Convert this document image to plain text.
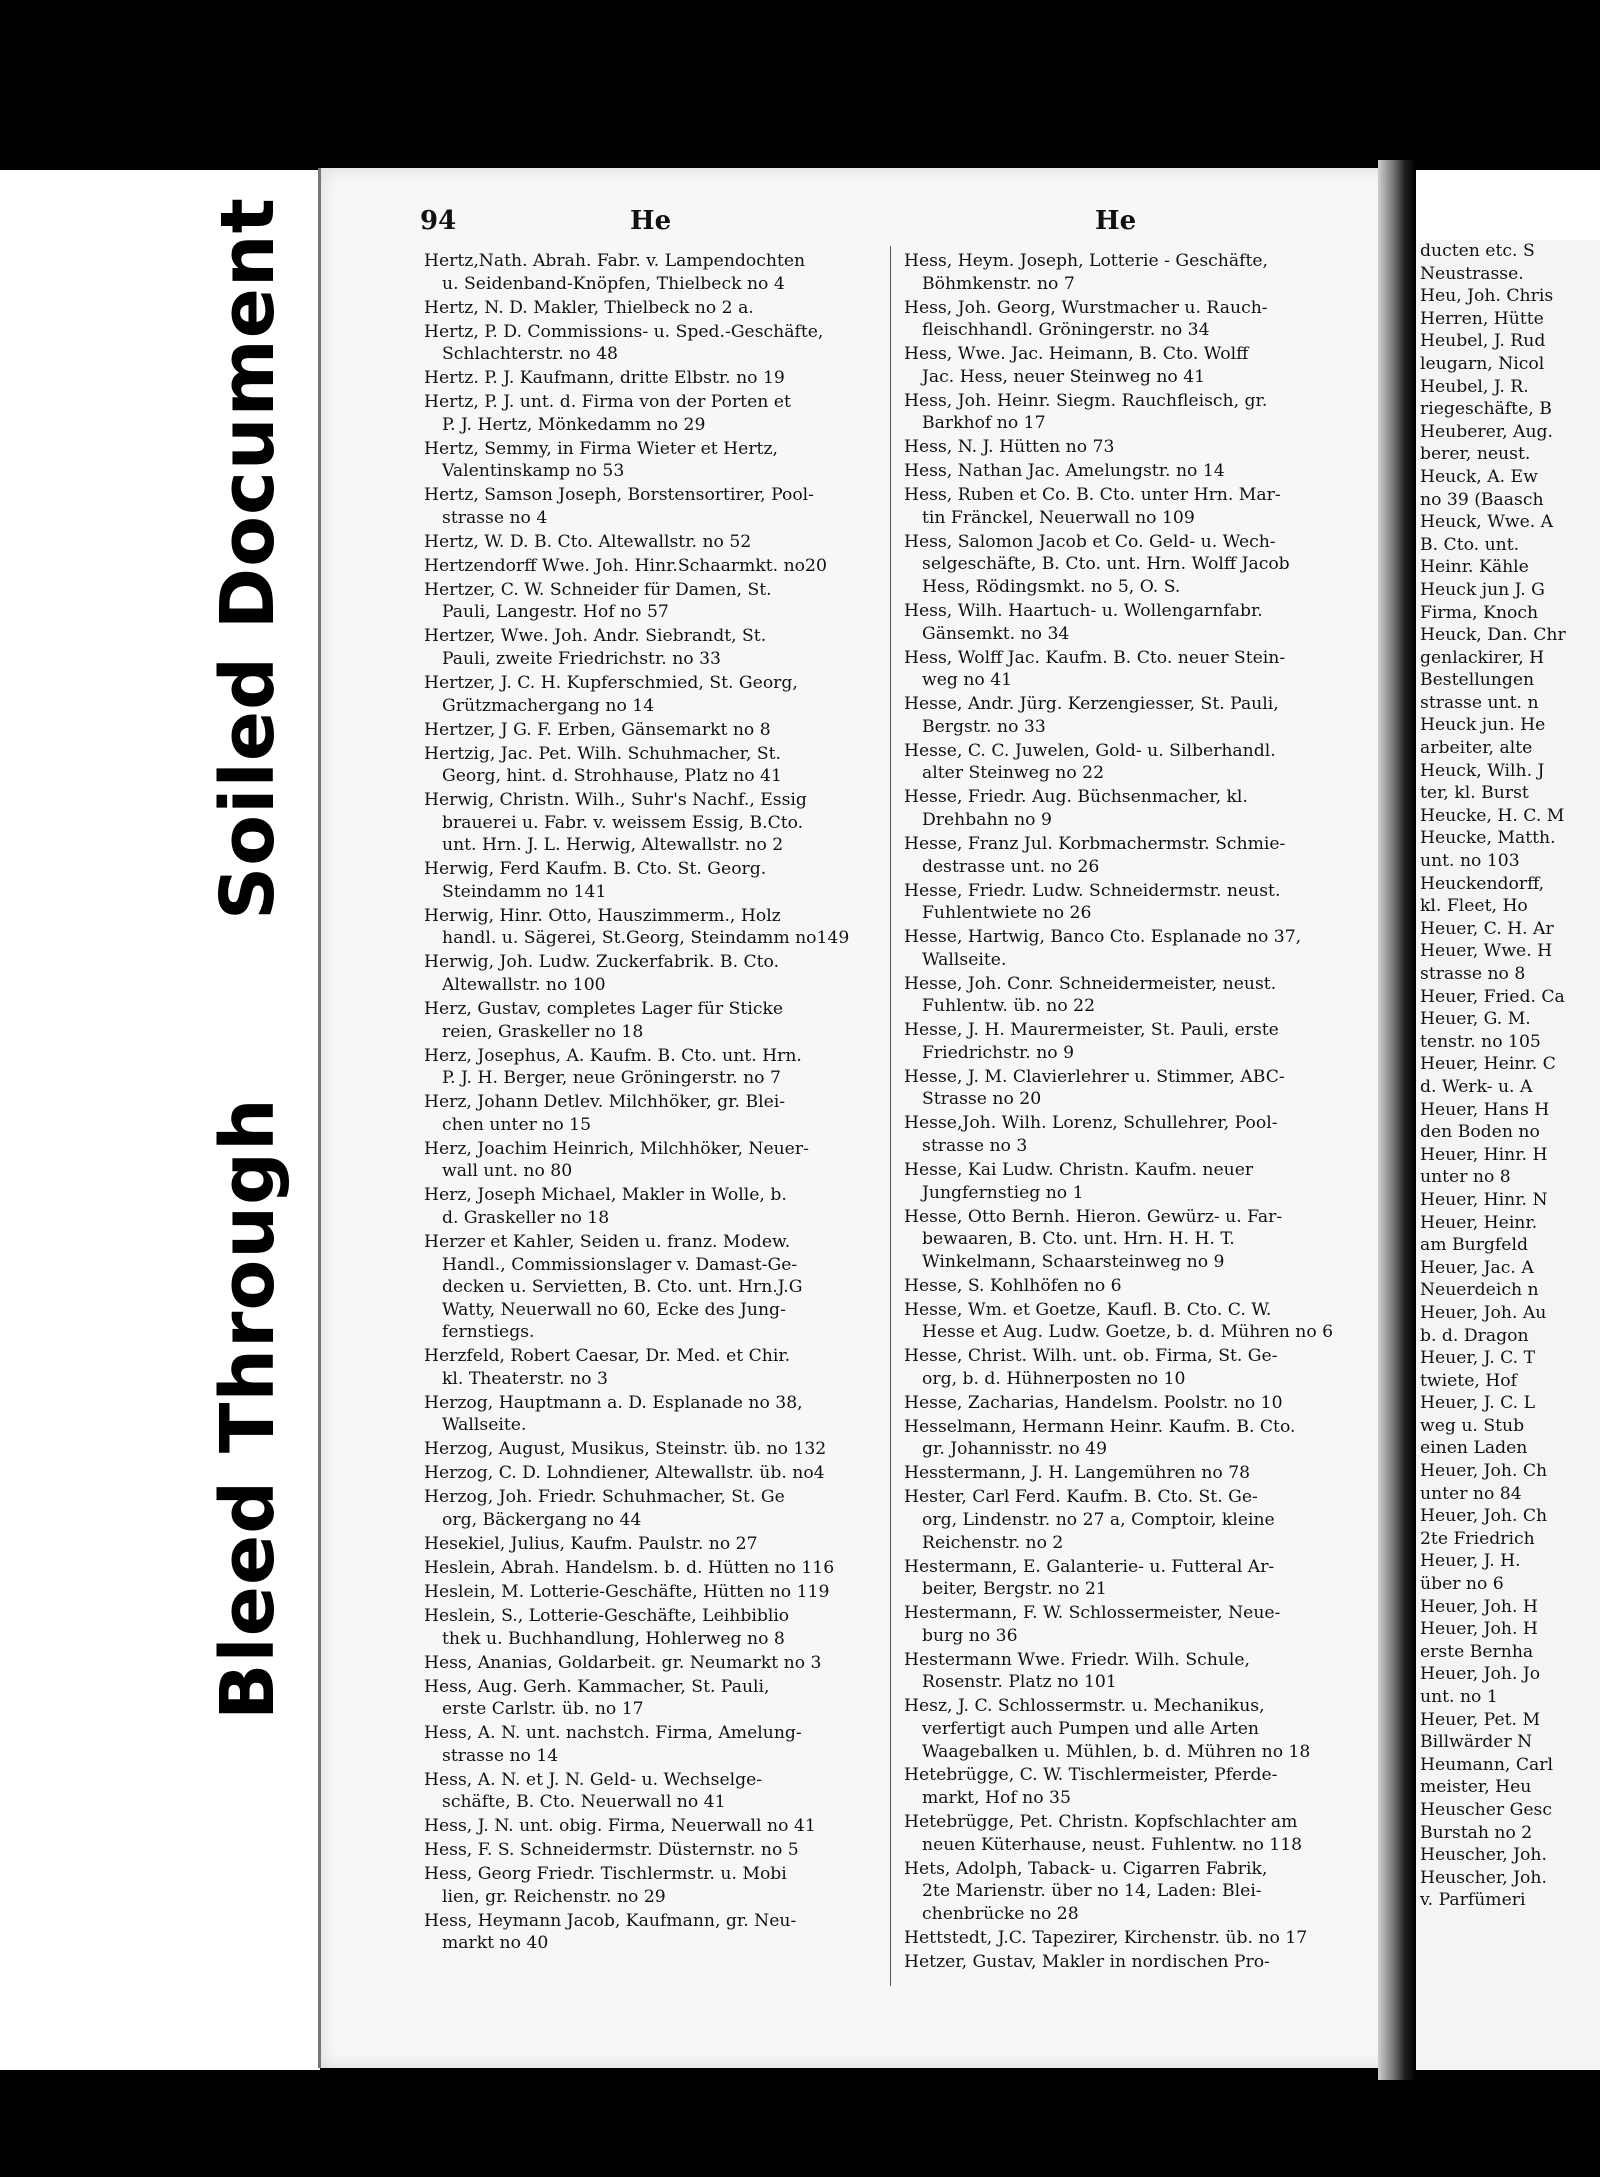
Soiled Document
Bleed Through
94	He	He
Hertz,Nath. Abrah. Fabr. v. Lampendochten
u. Seidenband-Knöpfen, Thielbeck no 4
Hertz, N. D. Makler, Thielbeck no 2 a.
Hertz, P. D. Commissions- u. Sped.-Geschäfte,
Schlachterstr. no 48
Hertz. P. J. Kaufmann, dritte Elbstr. no 19
Hertz, P. J. unt. d. Firma von der Porten et
P. J. Hertz, Mönkedamm no 29
Hertz, Semmy, in Firma Wieter et Hertz,
Valentinskamp no 53
Hertz, Samson Joseph, Borstensortirer, Pool-
strasse no 4
Hertz, W. D. B. Cto. Altewallstr. no 52
Hertzendorff Wwe. Joh. Hinr.Schaarmkt. no20
Hertzer, C. W. Schneider für Damen, St.
Pauli, Langestr. Hof no 57
Hertzer, Wwe. Joh. Andr. Siebrandt, St.
Pauli, zweite Friedrichstr. no 33
Hertzer, J. C. H. Kupferschmied, St. Georg,
Grützmachergang no 14
Hertzer, J G. F. Erben, Gänsemarkt no 8
Hertzig, Jac. Pet. Wilh. Schuhmacher, St.
Georg, hint. d. Strohhause, Platz no 41
Herwig, Christn. Wilh., Suhr's Nachf., Essig
brauerei u. Fabr. v. weissem Essig, B.Cto.
unt. Hrn. J. L. Herwig, Altewallstr. no 2
Herwig, Ferd Kaufm. B. Cto. St. Georg.
Steindamm no 141
Herwig, Hinr. Otto, Hauszimmerm., Holz
handl. u. Sägerei, St.Georg, Steindamm no149
Herwig, Joh. Ludw. Zuckerfabrik. B. Cto.
Altewallstr. no 100
Herz, Gustav, completes Lager für Sticke
reien, Graskeller no 18
Herz, Josephus, A. Kaufm. B. Cto. unt. Hrn.
P. J. H. Berger, neue Gröningerstr. no 7
Herz, Johann Detlev. Milchhöker, gr. Blei-
chen unter no 15
Herz, Joachim Heinrich, Milchhöker, Neuer-
wall unt. no 80
Herz, Joseph Michael, Makler in Wolle, b.
d. Graskeller no 18
Herzer et Kahler, Seiden u. franz. Modew.
Handl., Commissionslager v. Damast-Ge-
decken u. Servietten, B. Cto. unt. Hrn.J.G
Watty, Neuerwall no 60, Ecke des Jung-
fernstiegs.
Herzfeld, Robert Caesar, Dr. Med. et Chir.
kl. Theaterstr. no 3
Herzog, Hauptmann a. D. Esplanade no 38,
Wallseite.
Herzog, August, Musikus, Steinstr. üb. no 132
Herzog, C. D. Lohndiener, Altewallstr. üb. no4
Herzog, Joh. Friedr. Schuhmacher, St. Ge
org, Bäckergang no 44
Hesekiel, Julius, Kaufm. Paulstr. no 27
Heslein, Abrah. Handelsm. b. d. Hütten no 116
Heslein, M. Lotterie-Geschäfte, Hütten no 119
Heslein, S., Lotterie-Geschäfte, Leihbiblio
thek u. Buchhandlung, Hohlerweg no 8
Hess, Ananias, Goldarbeit. gr. Neumarkt no 3
Hess, Aug. Gerh. Kammacher, St. Pauli,
erste Carlstr. üb. no 17
Hess, A. N. unt. nachstch. Firma, Amelung-
strasse no 14
Hess, A. N. et J. N. Geld- u. Wechselge-
schäfte, B. Cto. Neuerwall no 41
Hess, J. N. unt. obig. Firma, Neuerwall no 41
Hess, F. S. Schneidermstr. Düsternstr. no 5
Hess, Georg Friedr. Tischlermstr. u. Mobi
lien, gr. Reichenstr. no 29
Hess, Heymann Jacob, Kaufmann, gr. Neu-
markt no 40
Hess, Heym. Joseph, Lotterie - Geschäfte,
Böhmkenstr. no 7
Hess, Joh. Georg, Wurstmacher u. Rauch-
fleischhandl. Gröningerstr. no 34
Hess, Wwe. Jac. Heimann, B. Cto. Wolff
Jac. Hess, neuer Steinweg no 41
Hess, Joh. Heinr. Siegm. Rauchfleisch, gr.
Barkhof no 17
Hess, N. J. Hütten no 73
Hess, Nathan Jac. Amelungstr. no 14
Hess, Ruben et Co. B. Cto. unter Hrn. Mar-
tin Fränckel, Neuerwall no 109
Hess, Salomon Jacob et Co. Geld- u. Wech-
selgeschäfte, B. Cto. unt. Hrn. Wolff Jacob
Hess, Rödingsmkt. no 5, O. S.
Hess, Wilh. Haartuch- u. Wollengarnfabr.
Gänsemkt. no 34
Hess, Wolff Jac. Kaufm. B. Cto. neuer Stein-
weg no 41
Hesse, Andr. Jürg. Kerzengiesser, St. Pauli,
Bergstr. no 33
Hesse, C. C. Juwelen, Gold- u. Silberhandl.
alter Steinweg no 22
Hesse, Friedr. Aug. Büchsenmacher, kl.
Drehbahn no 9
Hesse, Franz Jul. Korbmachermstr. Schmie-
destrasse unt. no 26
Hesse, Friedr. Ludw. Schneidermstr. neust.
Fuhlentwiete no 26
Hesse, Hartwig, Banco Cto. Esplanade no 37,
Wallseite.
Hesse, Joh. Conr. Schneidermeister, neust.
Fuhlentw. üb. no 22
Hesse, J. H. Maurermeister, St. Pauli, erste
Friedrichstr. no 9
Hesse, J. M. Clavierlehrer u. Stimmer, ABC-
Strasse no 20
Hesse,Joh. Wilh. Lorenz, Schullehrer, Pool-
strasse no 3
Hesse, Kai Ludw. Christn. Kaufm. neuer
Jungfernstieg no 1
Hesse, Otto Bernh. Hieron. Gewürz- u. Far-
bewaaren, B. Cto. unt. Hrn. H. H. T.
Winkelmann, Schaarsteinweg no 9
Hesse, S. Kohlhöfen no 6
Hesse, Wm. et Goetze, Kaufl. B. Cto. C. W.
Hesse et Aug. Ludw. Goetze, b. d. Mühren no 6
Hesse, Christ. Wilh. unt. ob. Firma, St. Ge-
org, b. d. Hühnerposten no 10
Hesse, Zacharias, Handelsm. Poolstr. no 10
Hesselmann, Hermann Heinr. Kaufm. B. Cto.
gr. Johannisstr. no 49
Hesstermann, J. H. Langemühren no 78
Hester, Carl Ferd. Kaufm. B. Cto. St. Ge-
org, Lindenstr. no 27 a, Comptoir, kleine
Reichenstr. no 2
Hestermann, E. Galanterie- u. Futteral Ar-
beiter, Bergstr. no 21
Hestermann, F. W. Schlossermeister, Neue-
burg no 36
Hestermann Wwe. Friedr. Wilh. Schule,
Rosenstr. Platz no 101
Hesz, J. C. Schlossermstr. u. Mechanikus,
verfertigt auch Pumpen und alle Arten
Waagebalken u. Mühlen, b. d. Mühren no 18
Hetebrügge, C. W. Tischlermeister, Pferde-
markt, Hof no 35
Hetebrügge, Pet. Christn. Kopfschlachter am
neuen Küterhause, neust. Fuhlentw. no 118
Hets, Adolph, Taback- u. Cigarren Fabrik,
2te Marienstr. über no 14, Laden: Blei-
chenbrücke no 28
Hettstedt, J.C. Tapezirer, Kirchenstr. üb. no 17
Hetzer, Gustav, Makler in nordischen Pro-
ducten etc. S
Neustrasse.
Heu, Joh. Chris
Herren, Hütte
Heubel, J. Rud
leugarn, Nicol
Heubel, J. R.
riegeschäfte, B
Heuberer, Aug.
berer, neust.
Heuck, A. Ew
no 39 (Baasch
Heuck, Wwe. A
B. Cto. unt.
Heinr. Kähle
Heuck jun J. G
Firma, Knoch
Heuck, Dan. Chr
genlackirer, H
Bestellungen
strasse unt. n
Heuck jun. He
arbeiter, alte
Heuck, Wilh. J
ter, kl. Burst
Heucke, H. C. M
Heucke, Matth.
unt. no 103
Heuckendorff,
kl. Fleet, Ho
Heuer, C. H. Ar
Heuer, Wwe. H
strasse no 8
Heuer, Fried. Ca
Heuer, G. M.
tenstr. no 105
Heuer, Heinr. C
d. Werk- u. A
Heuer, Hans H
den Boden no
Heuer, Hinr. H
unter no 8
Heuer, Hinr. N
Heuer, Heinr.
am Burgfeld
Heuer, Jac. A
Neuerdeich n
Heuer, Joh. Au
b. d. Dragon
Heuer, J. C. T
twiete, Hof
Heuer, J. C. L
weg u. Stub
einen Laden
Heuer, Joh. Ch
unter no 84
Heuer, Joh. Ch
2te Friedrich
Heuer, J. H.
über no 6
Heuer, Joh. H
Heuer, Joh. H
erste Bernha
Heuer, Joh. Jo
unt. no 1
Heuer, Pet. M
Billwärder N
Heumann, Carl
meister, Heu
Heuscher Gesc
Burstah no 2
Heuscher, Joh.
Heuscher, Joh.
v. Parfümeri
